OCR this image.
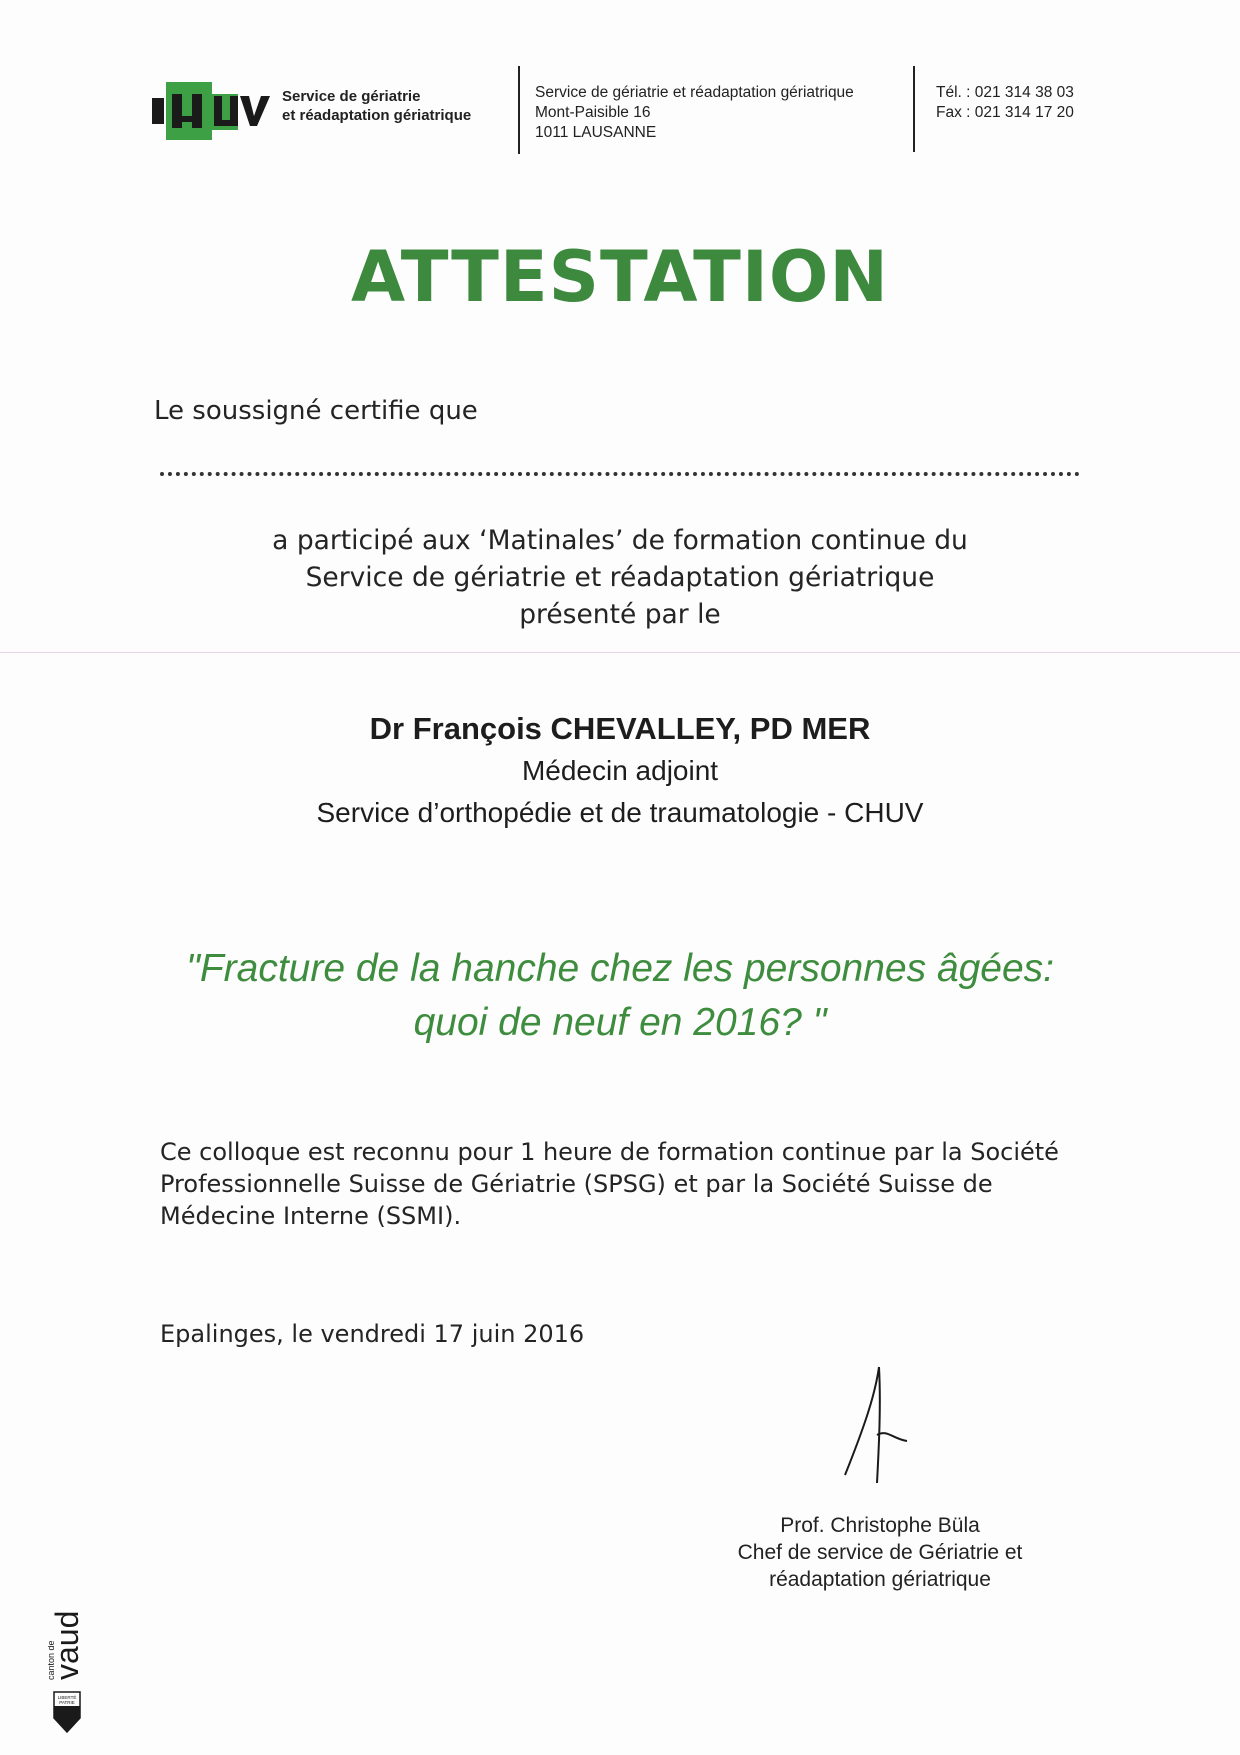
CHUV
Service de gériatrie
et réadaptation gériatrique
Service de gériatrie et réadaptation gériatrique
Mont-Paisible 16
1011 LAUSANNE
Tél. : 021 314 38 03
Fax : 021 314 17 20
ATTESTATION
Le soussigné certifie que
a participé aux ‘Matinales’ de formation continue du
Service de gériatrie et réadaptation gériatrique
présenté par le
Dr François CHEVALLEY, PD MER
Médecin adjoint
Service d’orthopédie et de traumatologie - CHUV
"Fracture de la hanche chez les personnes âgées:
quoi de neuf en 2016? "
Ce colloque est reconnu pour 1 heure de formation continue par la Société Professionnelle Suisse de Gériatrie (SPSG) et par la Société Suisse de Médecine Interne (SSMI).
Epalinges, le vendredi 17 juin 2016
Prof. Christophe Büla
Chef de service de Gériatrie et
réadaptation gériatrique
vaud
canton de
LIBERTÉ
PATRIE
